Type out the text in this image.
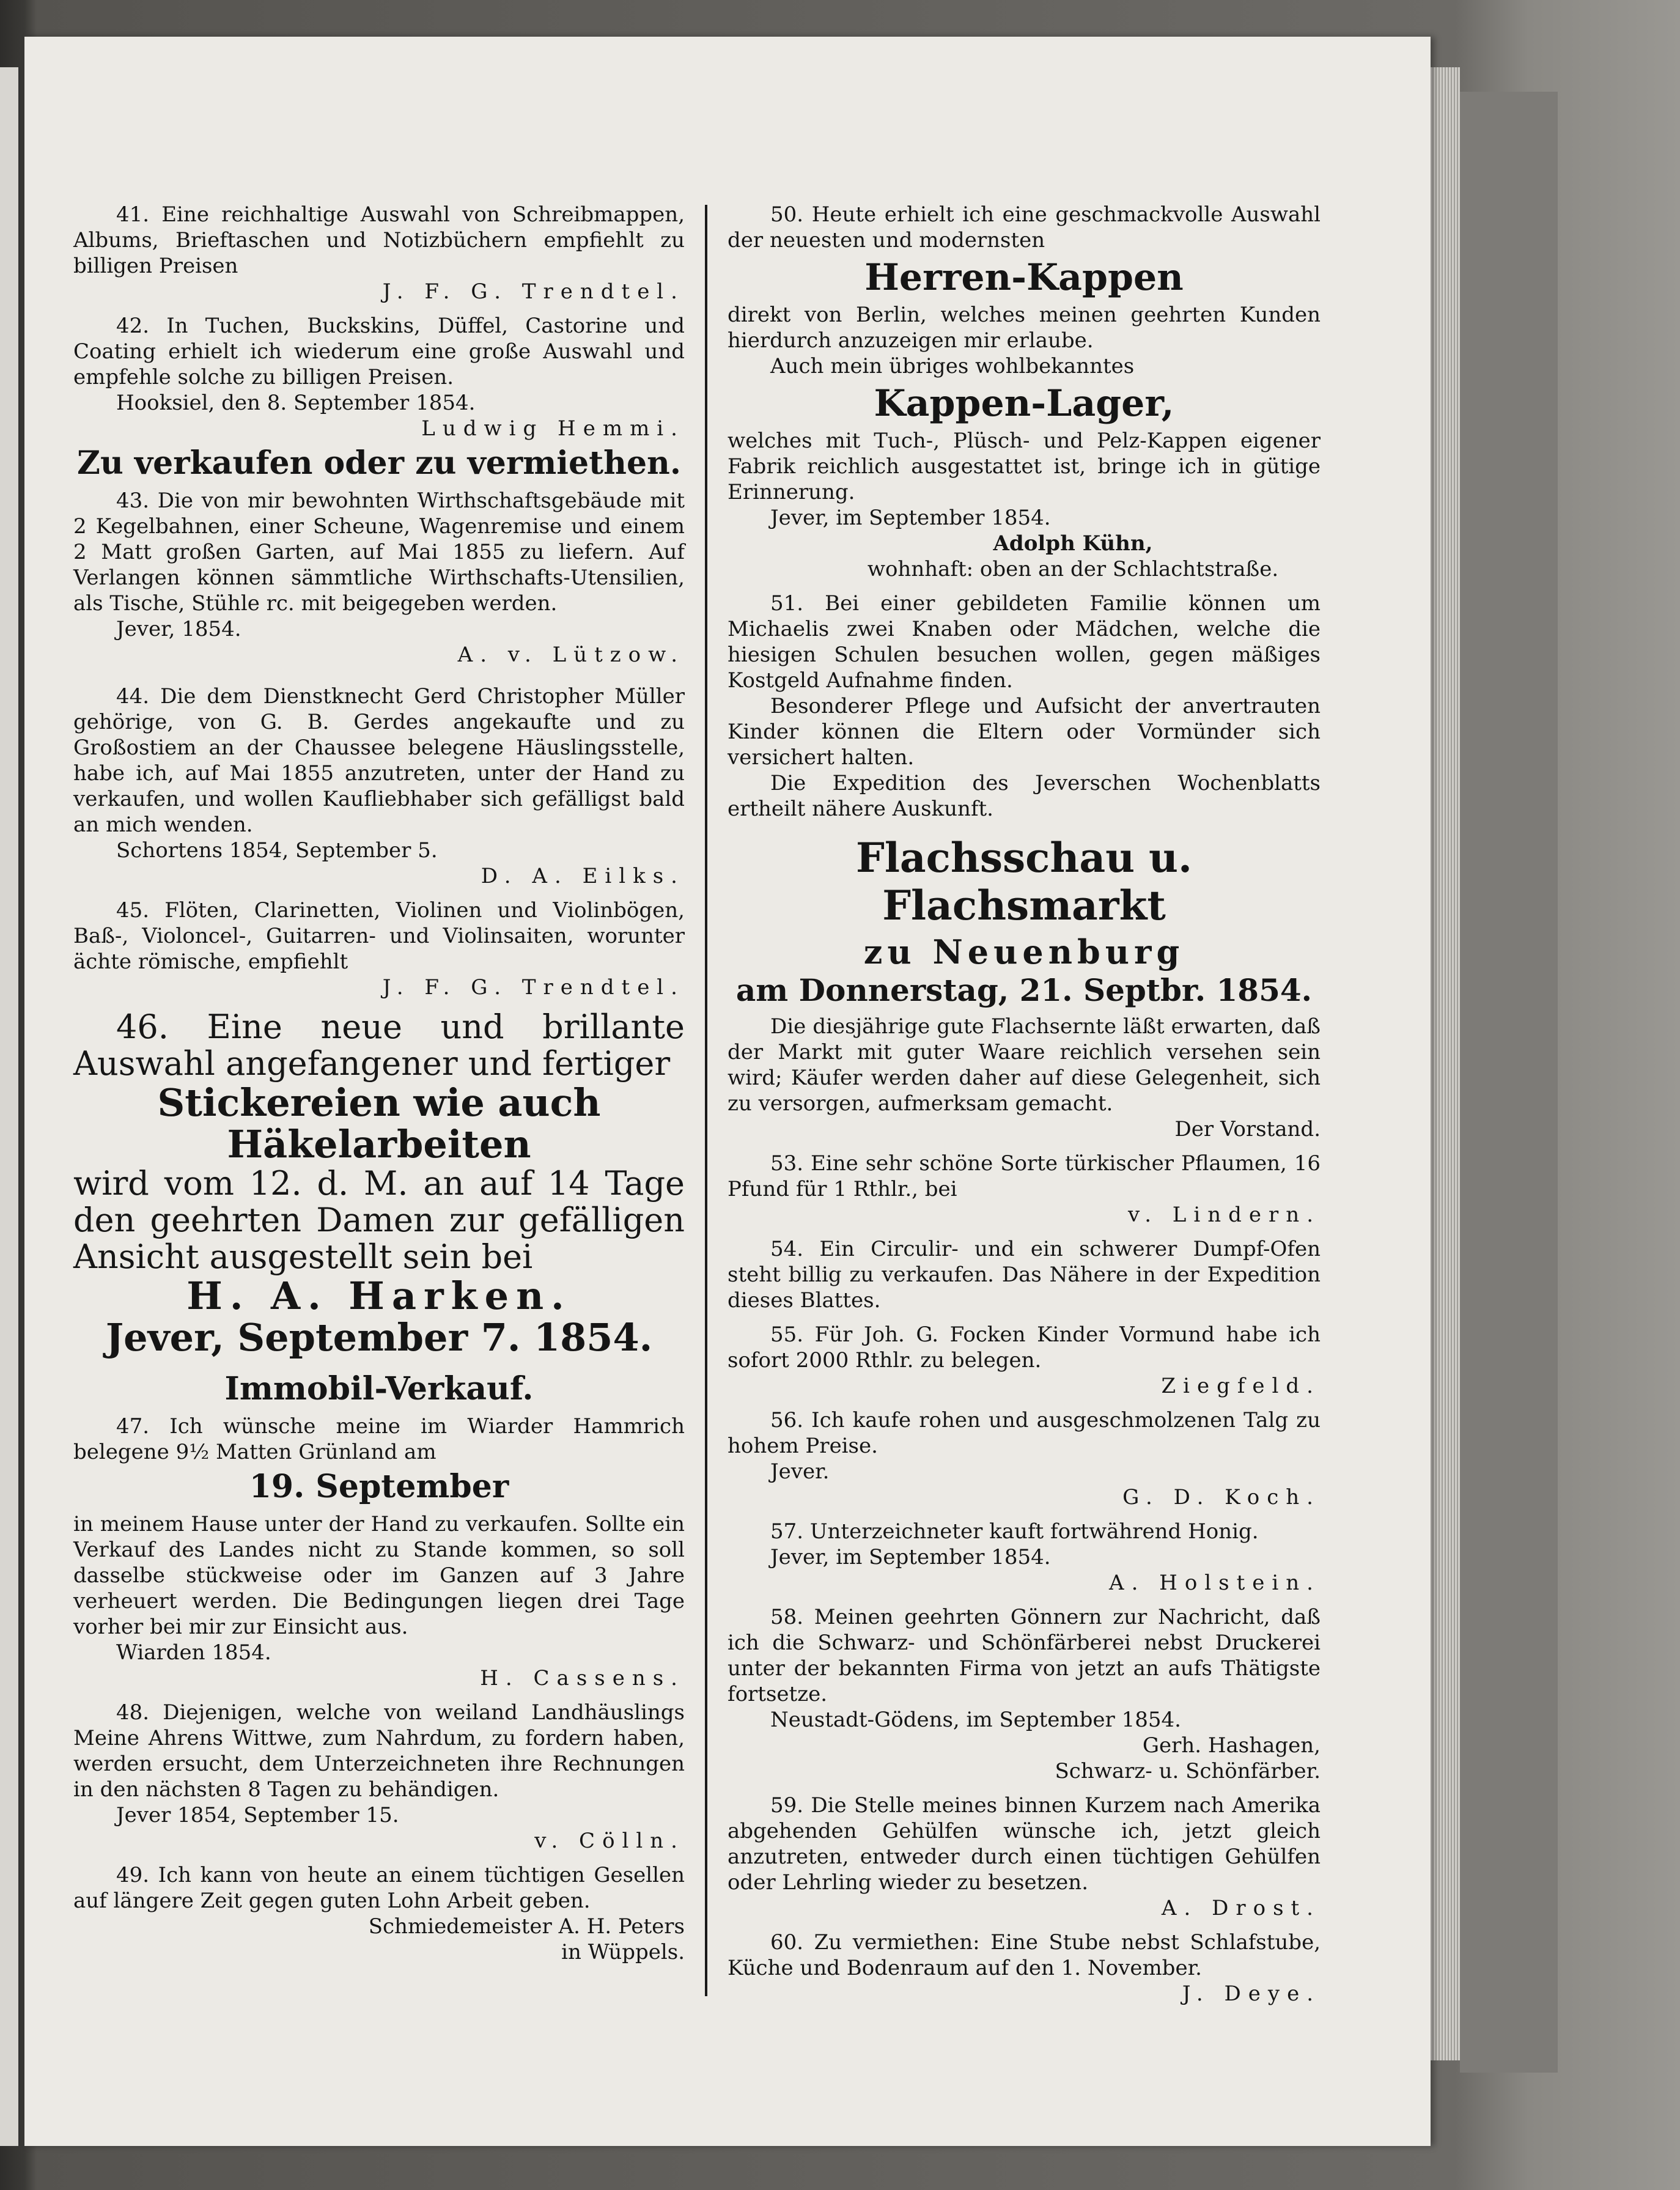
41. Eine reichhaltige Auswahl von Schreibmappen, Albums, Brieftaschen und Notizbüchern empfiehlt zu billigen Preisen

J. F. G. Trendtel.

42. In Tuchen, Buckskins, Düffel, Castorine und Coating erhielt ich wiederum eine große Auswahl und empfehle solche zu billigen Preisen.

Hooksiel, den 8. September 1854.

Ludwig Hemmi.

Zu verkaufen oder zu vermiethen.

43. Die von mir bewohnten Wirthschaftsgebäude mit 2 Kegelbahnen, einer Scheune, Wagenremise und einem 2 Matt großen Garten, auf Mai 1855 zu liefern. Auf Verlangen können sämmtliche Wirthschafts-Utensilien, als Tische, Stühle rc. mit beigegeben werden.

Jever, 1854.

A. v. Lützow.

44. Die dem Dienstknecht Gerd Christopher Müller gehörige, von G. B. Gerdes angekaufte und zu Großostiem an der Chaussee belegene Häuslingsstelle, habe ich, auf Mai 1855 anzutreten, unter der Hand zu verkaufen, und wollen Kaufliebhaber sich gefälligst bald an mich wenden.

Schortens 1854, September 5.

D. A. Eilks.

45. Flöten, Clarinetten, Violinen und Violinbögen, Baß-, Violoncel-, Guitarren- und Violinsaiten, worunter ächte römische, empfiehlt

J. F. G. Trendtel.

46. Eine neue und brillante Auswahl angefangener und fertiger

Stickereien wie auch Häkelarbeiten

wird vom 12. d. M. an auf 14 Tage den geehrten Damen zur gefälligen Ansicht ausgestellt sein bei

H. A. Harken.

Jever, September 7. 1854.

Immobil-Verkauf.

47. Ich wünsche meine im Wiarder Hammrich belegene 9½ Matten Grünland am

19. September

in meinem Hause unter der Hand zu verkaufen. Sollte ein Verkauf des Landes nicht zu Stande kommen, so soll dasselbe stückweise oder im Ganzen auf 3 Jahre verheuert werden. Die Bedingungen liegen drei Tage vorher bei mir zur Einsicht aus.

Wiarden 1854.

H. Cassens.

48. Diejenigen, welche von weiland Landhäuslings Meine Ahrens Wittwe, zum Nahrdum, zu fordern haben, werden ersucht, dem Unterzeichneten ihre Rechnungen in den nächsten 8 Tagen zu behändigen.

Jever 1854, September 15.

v. Cölln.

49. Ich kann von heute an einem tüchtigen Gesellen auf längere Zeit gegen guten Lohn Arbeit geben.

Schmiedemeister A. H. Peters

in Wüppels.

50. Heute erhielt ich eine geschmackvolle Auswahl der neuesten und modernsten

Herren-Kappen

direkt von Berlin, welches meinen geehrten Kunden hierdurch anzuzeigen mir erlaube.

Auch mein übriges wohlbekanntes

Kappen-Lager,

welches mit Tuch-, Plüsch- und Pelz-Kappen eigener Fabrik reichlich ausgestattet ist, bringe ich in gütige Erinnerung.

Jever, im September 1854.

Adolph Kühn,

wohnhaft: oben an der Schlachtstraße.

51. Bei einer gebildeten Familie können um Michaelis zwei Knaben oder Mädchen, welche die hiesigen Schulen besuchen wollen, gegen mäßiges Kostgeld Aufnahme finden.

Besonderer Pflege und Aufsicht der anvertrauten Kinder können die Eltern oder Vormünder sich versichert halten.

Die Expedition des Jeverschen Wochenblatts ertheilt nähere Auskunft.

Flachsschau u. Flachsmarkt

zu Neuenburg

am Donnerstag, 21. Septbr. 1854.

Die diesjährige gute Flachsernte läßt erwarten, daß der Markt mit guter Waare reichlich versehen sein wird; Käufer werden daher auf diese Gelegenheit, sich zu versorgen, aufmerksam gemacht.

Der Vorstand.

53. Eine sehr schöne Sorte türkischer Pflaumen, 16 Pfund für 1 Rthlr., bei

v. Lindern.

54. Ein Circulir- und ein schwerer Dumpf-Ofen steht billig zu verkaufen. Das Nähere in der Expedition dieses Blattes.

55. Für Joh. G. Focken Kinder Vormund habe ich sofort 2000 Rthlr. zu belegen.

Ziegfeld.

56. Ich kaufe rohen und ausgeschmolzenen Talg zu hohem Preise.

Jever.

G. D. Koch.

57. Unterzeichneter kauft fortwährend Honig.

Jever, im September 1854.

A. Holstein.

58. Meinen geehrten Gönnern zur Nachricht, daß ich die Schwarz- und Schönfärberei nebst Druckerei unter der bekannten Firma von jetzt an aufs Thätigste fortsetze.

Neustadt-Gödens, im September 1854.

Gerh. Hashagen,

Schwarz- u. Schönfärber.

59. Die Stelle meines binnen Kurzem nach Amerika abgehenden Gehülfen wünsche ich, jetzt gleich anzutreten, entweder durch einen tüchtigen Gehülfen oder Lehrling wieder zu besetzen.

A. Drost.

60. Zu vermiethen: Eine Stube nebst Schlafstube, Küche und Bodenraum auf den 1. November.

J. Deye.
